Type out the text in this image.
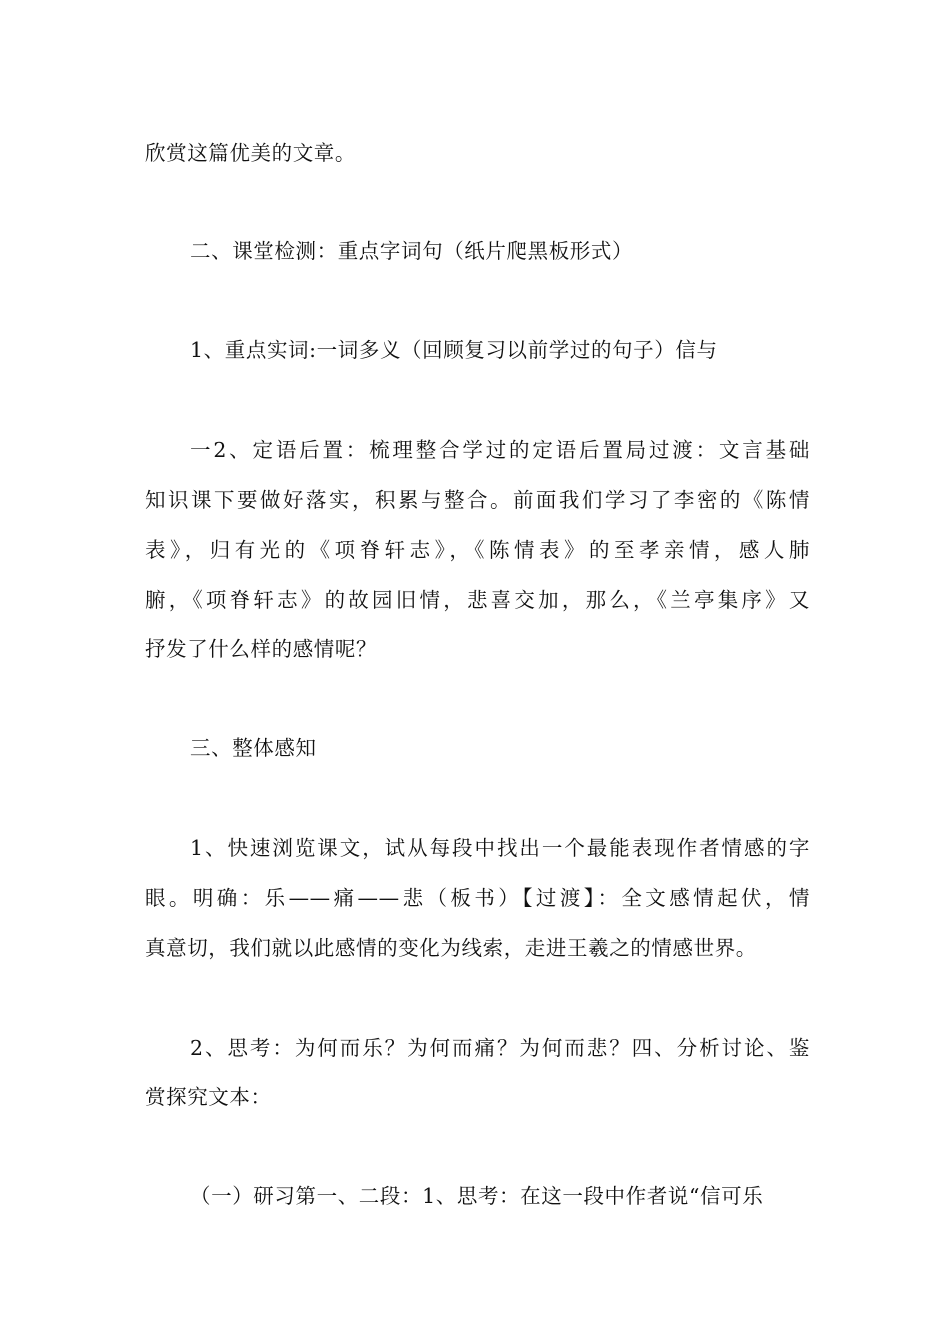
欣赏这篇优美的文章。
二、课堂检测：重点字词句（纸片爬黑板形式）
1、重点实词:一词多义（回顾复习以前学过的句子）信与
一2、定语后置：梳理整合学过的定语后置局过渡：文言基础
知识课下要做好落实，积累与整合。前面我们学习了李密的《陈情
表》，归有光的《项脊轩志》，《陈情表》的至孝亲情，感人肺
腑，《项脊轩志》的故园旧情，悲喜交加，那么，《兰亭集序》又
抒发了什么样的感情呢？
三、整体感知
1、快速浏览课文，试从每段中找出一个最能表现作者情感的字
眼。明确：乐——痛——悲（板书）【过渡】：全文感情起伏，情
真意切，我们就以此感情的变化为线索，走进王羲之的情感世界。
2、思考：为何而乐？为何而痛？为何而悲？四、分析讨论、鉴
赏探究文本：
（一）研习第一、二段：1、思考：在这一段中作者说“信可乐
